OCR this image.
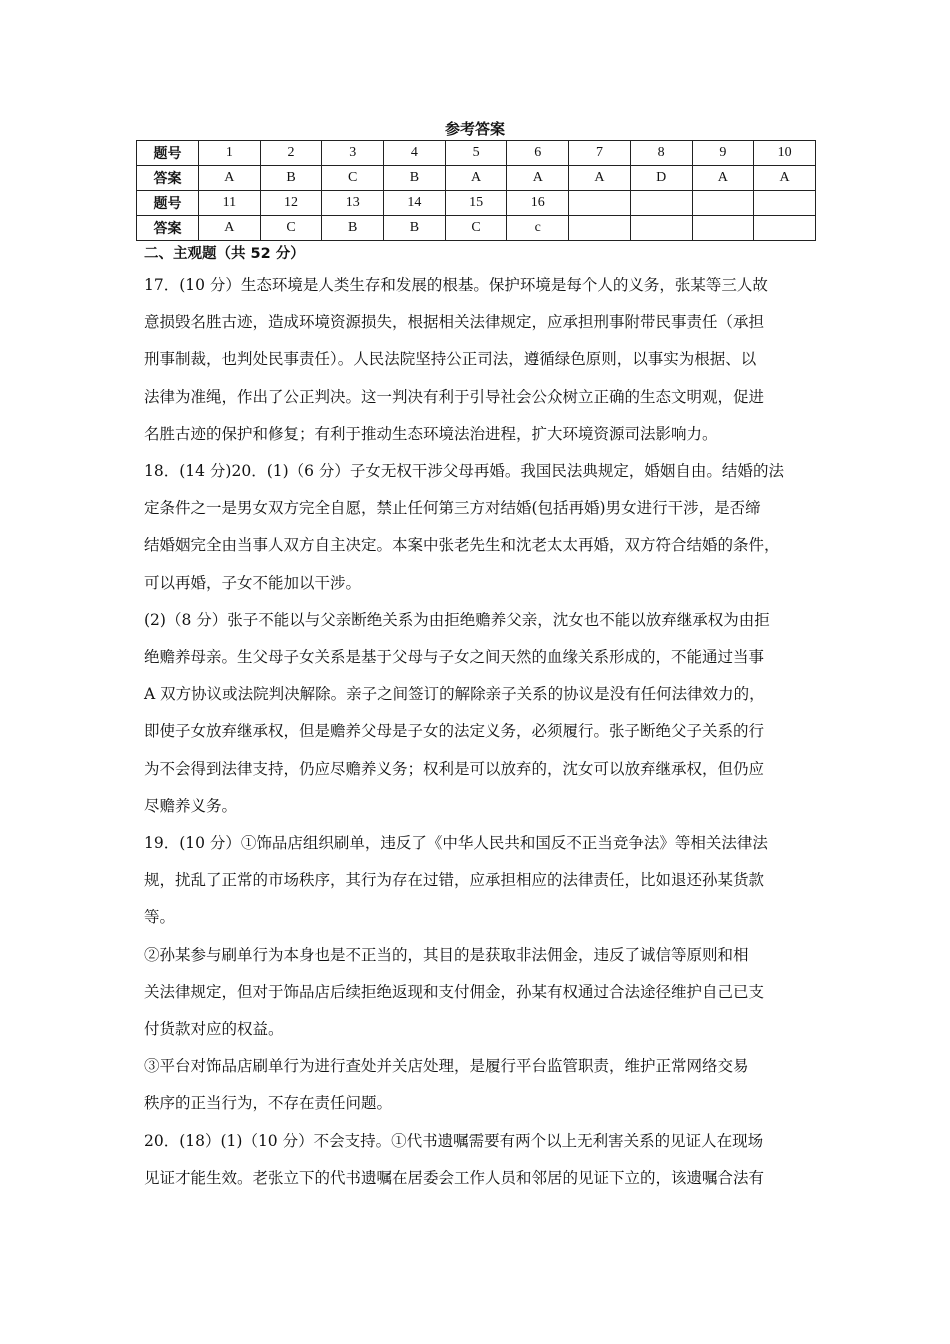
参考答案
题号	1	2	3	4	5	6	7	8	9	10
答案	A	B	C	B	A	A	A	D	A	A
题号	11	12	13	14	15	16				
答案	A	C	B	B	C	c				
二、主观题（共 52 分）
17．(10 分）生态环境是人类生存和发展的根基。保护环境是每个人的义务，张某等三人故
意损毁名胜古迹，造成环境资源损失，根据相关法律规定，应承担刑事附带民事责任（承担
刑事制裁，也判处民事责任）。人民法院坚持公正司法，遵循绿色原则，以事实为根据、以
法律为准绳，作出了公正判决。这一判决有利于引导社会公众树立正确的生态文明观，促进
名胜古迹的保护和修复；有利于推动生态环境法治进程，扩大环境资源司法影响力。
18．(14 分)20．(1)（6 分）子女无权干涉父母再婚。我国民法典规定，婚姻自由。结婚的法
定条件之一是男女双方完全自愿，禁止任何第三方对结婚(包括再婚)男女进行干涉，是否缔
结婚姻完全由当事人双方自主决定。本案中张老先生和沈老太太再婚，双方符合结婚的条件，
可以再婚，子女不能加以干涉。
(2)（8 分）张子不能以与父亲断绝关系为由拒绝赡养父亲，沈女也不能以放弃继承权为由拒
绝赡养母亲。生父母子女关系是基于父母与子女之间天然的血缘关系形成的，不能通过当事
A 双方协议或法院判决解除。亲子之间签订的解除亲子关系的协议是没有任何法律效力的，
即使子女放弃继承权，但是赡养父母是子女的法定义务，必须履行。张子断绝父子关系的行
为不会得到法律支持，仍应尽赡养义务；权利是可以放弃的，沈女可以放弃继承权，但仍应
尽赡养义务。
19．(10 分）①饰品店组织刷单，违反了《中华人民共和国反不正当竞争法》等相关法律法
规，扰乱了正常的市场秩序，其行为存在过错，应承担相应的法律责任，比如退还孙某货款
等。
②孙某参与刷单行为本身也是不正当的，其目的是获取非法佣金，违反了诚信等原则和相
关法律规定，但对于饰品店后续拒绝返现和支付佣金，孙某有权通过合法途径维护自己已支
付货款对应的权益。
③平台对饰品店刷单行为进行查处并关店处理，是履行平台监管职责，维护正常网络交易
秩序的正当行为，不存在责任问题。
20．(18）(1)（10 分）不会支持。①代书遗嘱需要有两个以上无利害关系的见证人在现场
见证才能生效。老张立下的代书遗嘱在居委会工作人员和邻居的见证下立的，该遗嘱合法有
